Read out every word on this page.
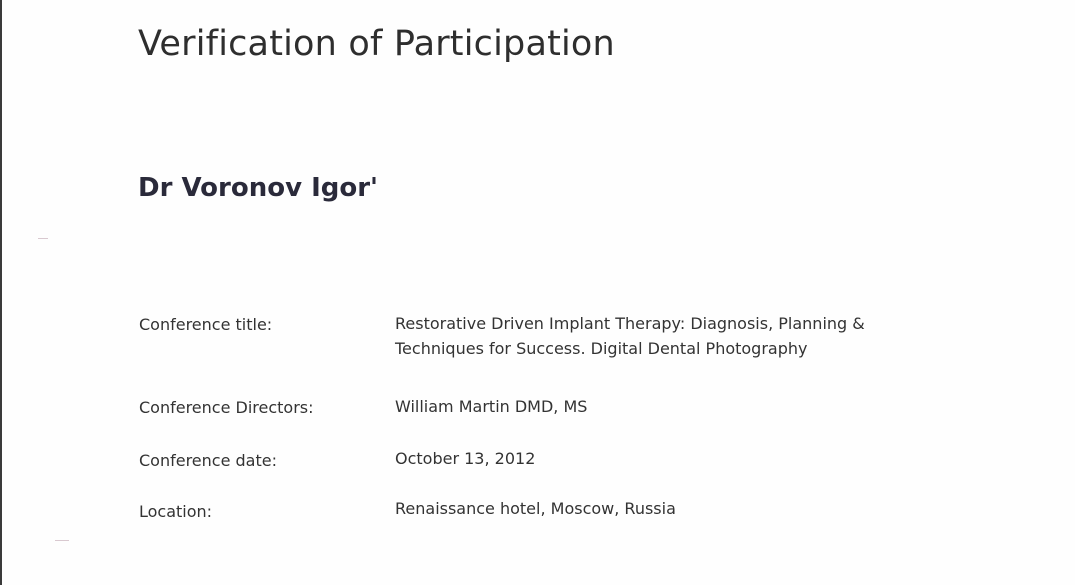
Verification of Participation
Dr Voronov Igor'
Conference title:	Restorative Driven Implant Therapy: Diagnosis, Planning &
Techniques for Success. Digital Dental Photography
Conference Directors:	William Martin DMD, MS
Conference date:	October 13, 2012
Location:	Renaissance hotel, Moscow, Russia
